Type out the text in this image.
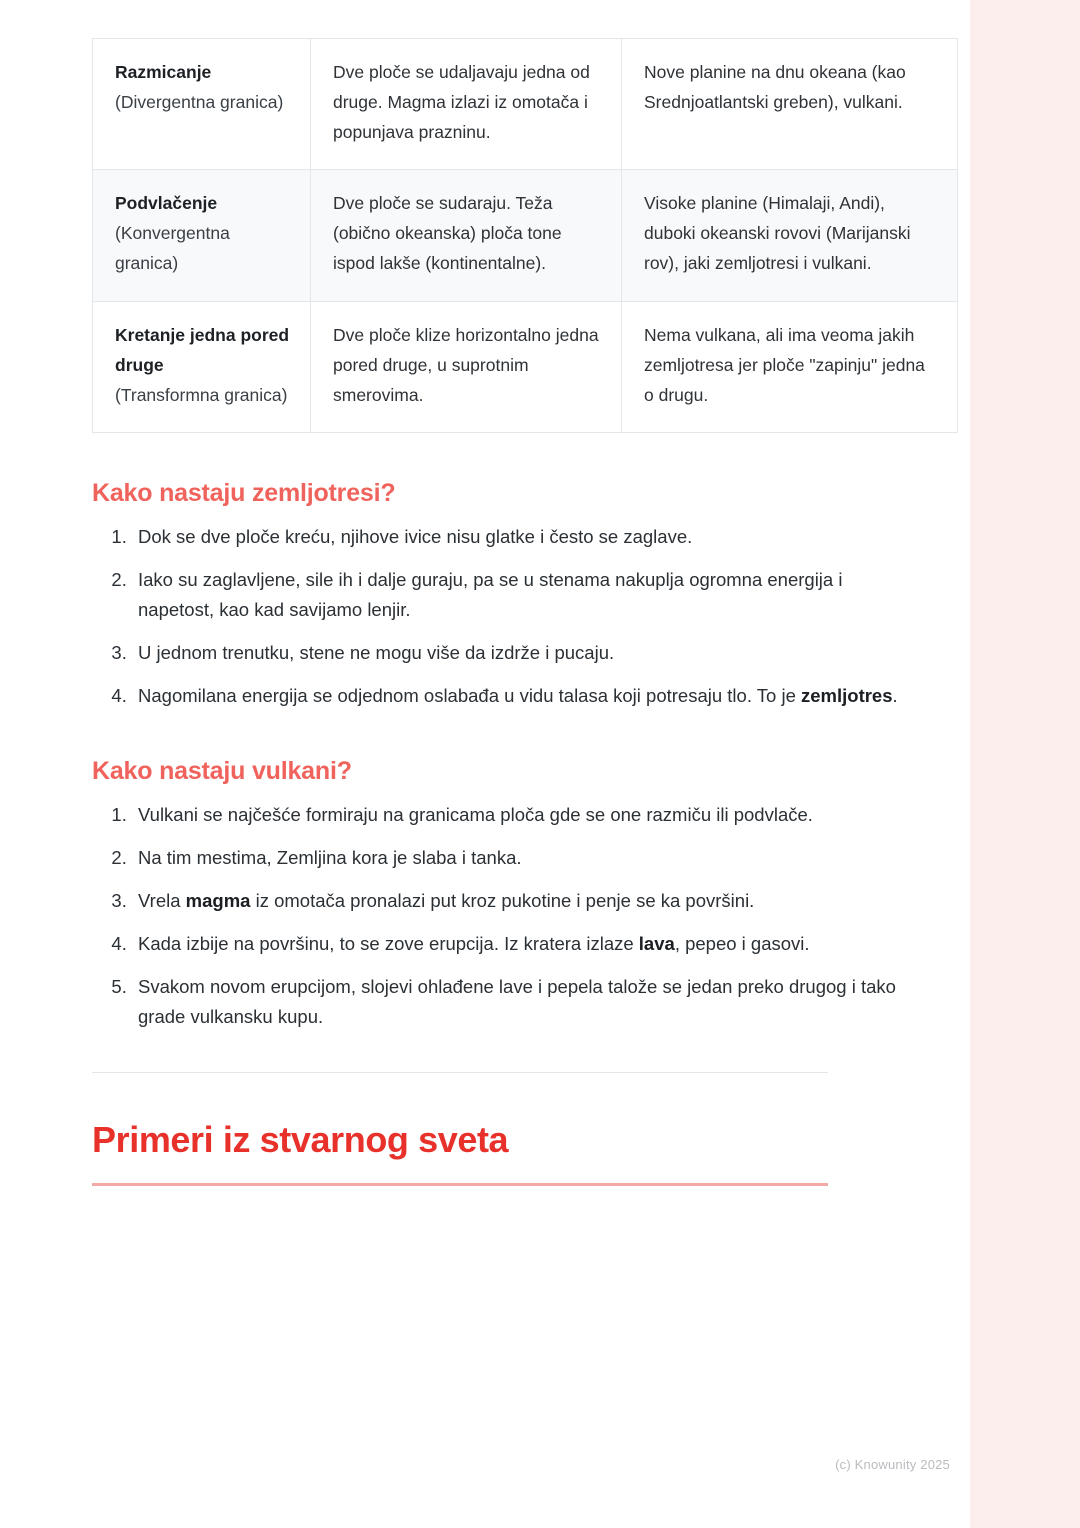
Razmicanje
(Divergentna granica)	Dve ploče se udaljavaju jedna od druge. Magma izlazi iz omotača i popunjava prazninu.	Nove planine na dnu okeana (kao Srednjoatlantski greben), vulkani.

Podvlačenje
(Konvergentna granica)	Dve ploče se sudaraju. Teža (obično okeanska) ploča tone ispod lakše (kontinentalne).	Visoke planine (Himalaji, Andi), duboki okeanski rovovi (Marijanski rov), jaki zemljotresi i vulkani.

Kretanje jedna pored druge
(Transformna granica)	Dve ploče klize horizontalno jedna pored druge, u suprotnim smerovima.	Nema vulkana, ali ima veoma jakih zemljotresa jer ploče "zapinju" jedna o drugu.
Kako nastaju zemljotresi?
1. Dok se dve ploče kreću, njihove ivice nisu glatke i često se zaglave.
2. Iako su zaglavljene, sile ih i dalje guraju, pa se u stenama nakuplja ogromna energija i napetost, kao kad savijamo lenjir.
3. U jednom trenutku, stene ne mogu više da izdrže i pucaju.
4. Nagomilana energija se odjednom oslabađa u vidu talasa koji potresaju tlo. To je zemljotres.
Kako nastaju vulkani?
1. Vulkani se najčešće formiraju na granicama ploča gde se one razmiču ili podvlače.
2. Na tim mestima, Zemljina kora je slaba i tanka.
3. Vrela magma iz omotača pronalazi put kroz pukotine i penje se ka površini.
4. Kada izbije na površinu, to se zove erupcija. Iz kratera izlaze lava, pepeo i gasovi.
5. Svakom novom erupcijom, slojevi ohlađene lave i pepela talože se jedan preko drugog i tako grade vulkansku kupu.
Primeri iz stvarnog sveta
(c) Knowunity 2025
